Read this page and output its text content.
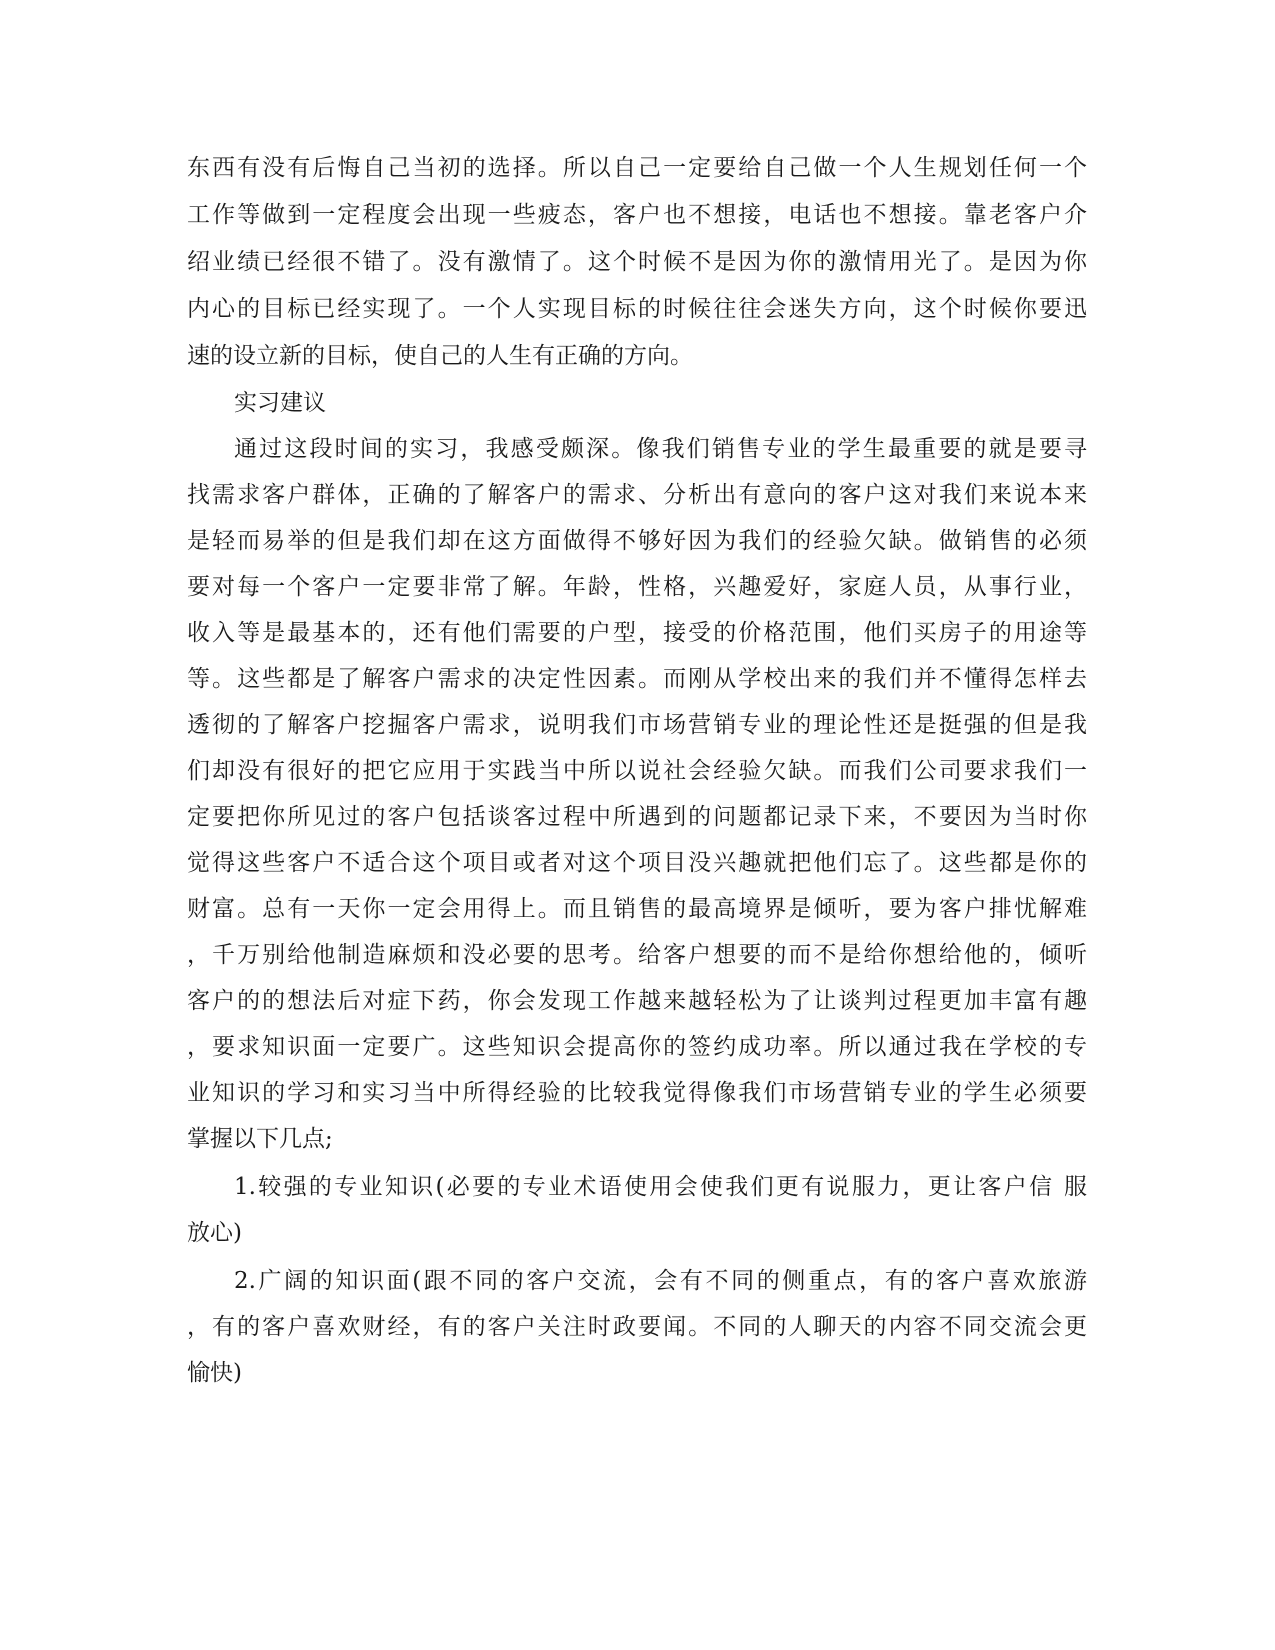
东西有没有后悔自己当初的选择。所以自己一定要给自己做一个人生规划任何一个
工作等做到一定程度会出现一些疲态，客户也不想接，电话也不想接。靠老客户介
绍业绩已经很不错了。没有激情了。这个时候不是因为你的激情用光了。是因为你
内心的目标已经实现了。一个人实现目标的时候往往会迷失方向，这个时候你要迅
速的设立新的目标，使自己的人生有正确的方向。
实习建议
通过这段时间的实习，我感受颇深。像我们销售专业的学生最重要的就是要寻
找需求客户群体，正确的了解客户的需求、分析出有意向的客户这对我们来说本来
是轻而易举的但是我们却在这方面做得不够好因为我们的经验欠缺。做销售的必须
要对每一个客户一定要非常了解。年龄，性格，兴趣爱好，家庭人员，从事行业，
收入等是最基本的，还有他们需要的户型，接受的价格范围，他们买房子的用途等
等。这些都是了解客户需求的决定性因素。而刚从学校出来的我们并不懂得怎样去
透彻的了解客户挖掘客户需求，说明我们市场营销专业的理论性还是挺强的但是我
们却没有很好的把它应用于实践当中所以说社会经验欠缺。而我们公司要求我们一
定要把你所见过的客户包括谈客过程中所遇到的问题都记录下来，不要因为当时你
觉得这些客户不适合这个项目或者对这个项目没兴趣就把他们忘了。这些都是你的
财富。总有一天你一定会用得上。而且销售的最高境界是倾听，要为客户排忧解难
，千万别给他制造麻烦和没必要的思考。给客户想要的而不是给你想给他的，倾听
客户的的想法后对症下药，你会发现工作越来越轻松为了让谈判过程更加丰富有趣
，要求知识面一定要广。这些知识会提高你的签约成功率。所以通过我在学校的专
业知识的学习和实习当中所得经验的比较我觉得像我们市场营销专业的学生必须要
掌握以下几点;
1.较强的专业知识(必要的专业术语使用会使我们更有说服力，更让客户信 服
放心)
2.广阔的知识面(跟不同的客户交流，会有不同的侧重点，有的客户喜欢旅游
，有的客户喜欢财经，有的客户关注时政要闻。不同的人聊天的内容不同交流会更
愉快)
